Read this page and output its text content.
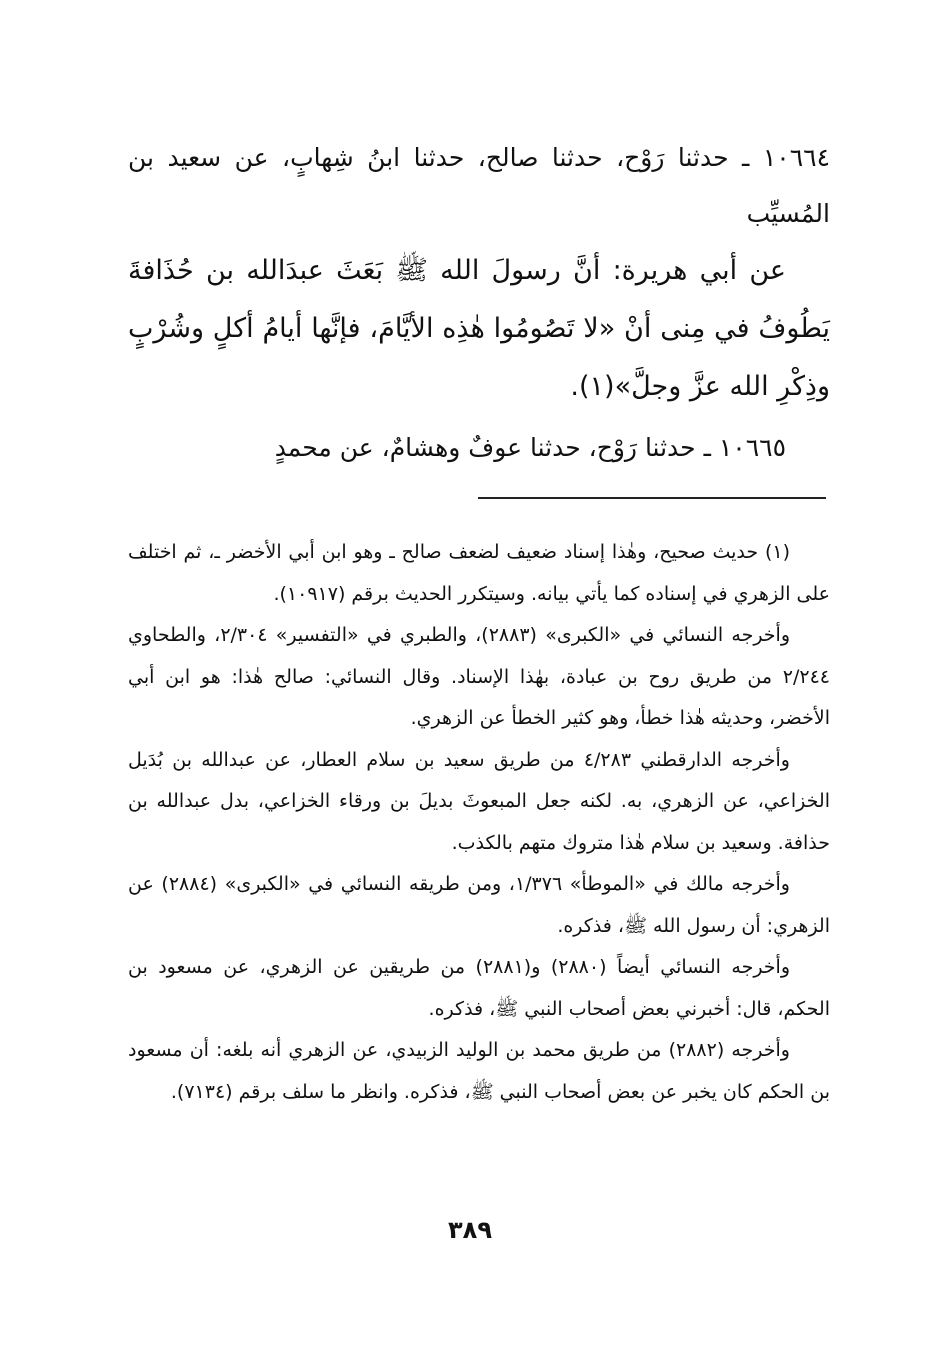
١٠٦٦٤ ـ حدثنا رَوْح، حدثنا صالح، حدثنا ابنُ شِهابٍ، عن سعيد بن المُسيِّب

عن أبي هريرة: أنَّ رسولَ الله ﷺ بَعَثَ عبدَالله بن حُذَافةَ يَطُوفُ في مِنى أنْ «لا تَصُومُوا هٰذِه الأيَّامَ، فإنَّها أيامُ أكلٍ وشُرْبٍ وذِكْرِ الله عزَّ وجلَّ»(١).

١٠٦٦٥ ـ حدثنا رَوْح، حدثنا عوفٌ وهشامٌ، عن محمدٍ

(١) حديث صحيح، وهٰذا إسناد ضعيف لضعف صالح ـ وهو ابن أبي الأخضر ـ، ثم اختلف على الزهري في إسناده كما يأتي بيانه. وسيتكرر الحديث برقم (١٠٩١٧).

وأخرجه النسائي في «الكبرى» (٢٨٨٣)، والطبري في «التفسير» ٢/٣٠٤، والطحاوي ٢/٢٤٤ من طريق روح بن عبادة، بهٰذا الإسناد. وقال النسائي: صالح هٰذا: هو ابن أبي الأخضر، وحديثه هٰذا خطأ، وهو كثير الخطأ عن الزهري.

وأخرجه الدارقطني ٤/٢٨٣ من طريق سعيد بن سلام العطار، عن عبدالله بن بُدَيل الخزاعي، عن الزهري، به. لكنه جعل المبعوثَ بديلَ بن ورقاء الخزاعي، بدل عبدالله بن حذافة. وسعيد بن سلام هٰذا متروك متهم بالكذب.

وأخرجه مالك في «الموطأ» ١/٣٧٦، ومن طريقه النسائي في «الكبرى» (٢٨٨٤) عن الزهري: أن رسول الله ﷺ، فذكره.

وأخرجه النسائي أيضاً (٢٨٨٠) و(٢٨٨١) من طريقين عن الزهري، عن مسعود بن الحكم، قال: أخبرني بعض أصحاب النبي ﷺ، فذكره.

وأخرجه (٢٨٨٢) من طريق محمد بن الوليد الزبيدي، عن الزهري أنه بلغه: أن مسعود بن الحكم كان يخبر عن بعض أصحاب النبي ﷺ، فذكره. وانظر ما سلف برقم (٧١٣٤).

٣٨٩
